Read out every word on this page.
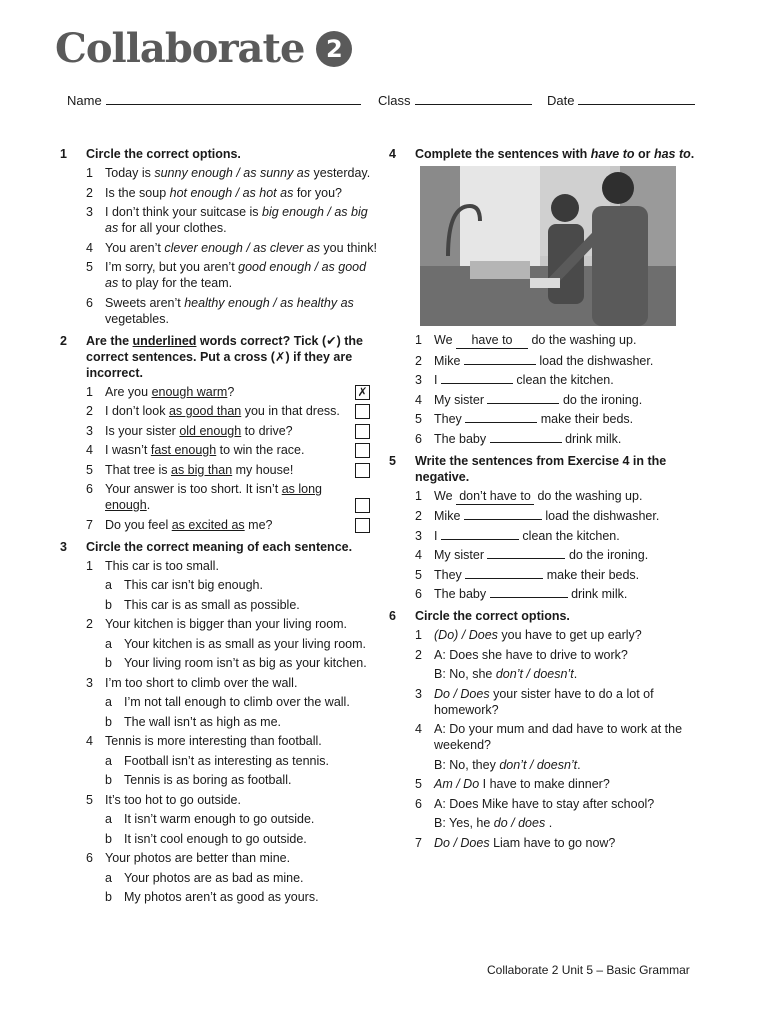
Collaborate 2
Name	Class	Date
1	Circle the correct options.
1 Today is sunny enough / as sunny as yesterday.
2 Is the soup hot enough / as hot as for you?
3 I don’t think your suitcase is big enough / as big as for all your clothes.
4 You aren’t clever enough / as clever as you think!
5 I’m sorry, but you aren’t good enough / as good as to play for the team.
6 Sweets aren’t healthy enough / as healthy as vegetables.
2	Are the underlined words correct? Tick (✔) the correct sentences. Put a cross (✗) if they are incorrect.
1 Are you enough warm?	✗
2 I don’t look as good than you in that dress.
3 Is your sister old enough to drive?
4 I wasn’t fast enough to win the race.
5 That tree is as big than my house!
6 Your answer is too short. It isn’t as long enough.
7 Do you feel as excited as me?
3	Circle the correct meaning of each sentence.
1 This car is too small.
a This car isn’t big enough.
b This car is as small as possible.
2 Your kitchen is bigger than your living room.
a Your kitchen is as small as your living room.
b Your living room isn’t as big as your kitchen.
3 I’m too short to climb over the wall.
a I’m not tall enough to climb over the wall.
b The wall isn’t as high as me.
4 Tennis is more interesting than football.
a Football isn’t as interesting as tennis.
b Tennis is as boring as football.
5 It’s too hot to go outside.
a It isn’t warm enough to go outside.
b It isn’t cool enough to go outside.
6 Your photos are better than mine.
a Your photos are as bad as mine.
b My photos aren’t as good as yours.
4	Complete the sentences with have to or has to.
1 We have to do the washing up.
2 Mike	load the dishwasher.
3 I	clean the kitchen.
4 My sister	do the ironing.
5 They	make their beds.
6 The baby	drink milk.
5	Write the sentences from Exercise 4 in the negative.
1 We don’t have to do the washing up.
2 Mike	load the dishwasher.
3 I	clean the kitchen.
4 My sister	do the ironing.
5 They	make their beds.
6 The baby	drink milk.
6	Circle the correct options.
1 (Do) / Does you have to get up early?
2 A: Does she have to drive to work?
B: No, she don’t / doesn’t.
3 Do / Does your sister have to do a lot of homework?
4 A: Do your mum and dad have to work at the weekend?
B: No, they don’t / doesn’t.
5 Am / Do I have to make dinner?
6 A: Does Mike have to stay after school?
B: Yes, he do / does .
7 Do / Does Liam have to go now?
Collaborate 2 Unit 5 – Basic Grammar
